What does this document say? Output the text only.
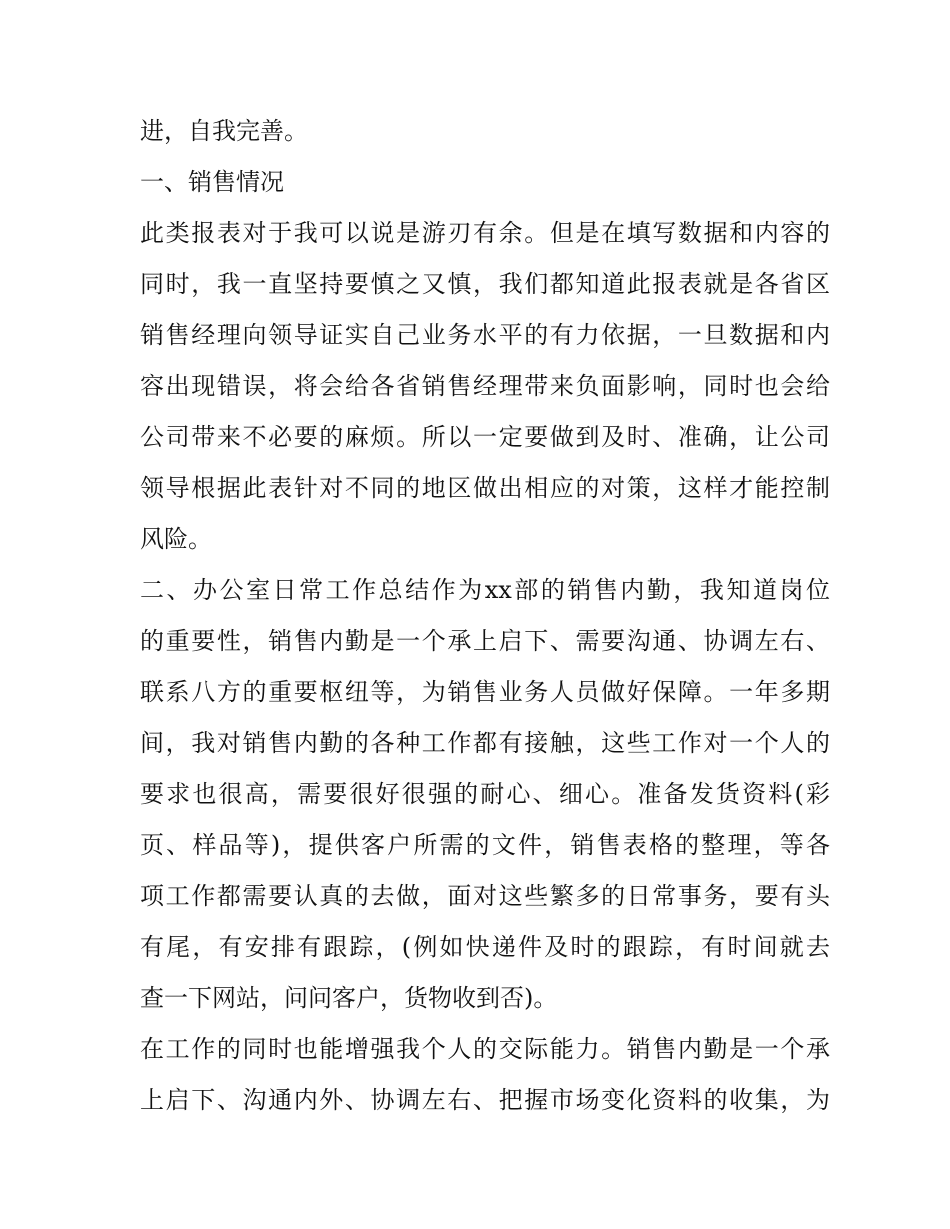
进，自我完善。
一、销售情况
此类报表对于我可以说是游刃有余。但是在填写数据和内容的
同时，我一直坚持要慎之又慎，我们都知道此报表就是各省区
销售经理向领导证实自己业务水平的有力依据，一旦数据和内
容出现错误，将会给各省销售经理带来负面影响，同时也会给
公司带来不必要的麻烦。所以一定要做到及时、准确，让公司
领导根据此表针对不同的地区做出相应的对策，这样才能控制
风险。
二、办公室日常工作总结作为xx部的销售内勤，我知道岗位
的重要性，销售内勤是一个承上启下、需要沟通、协调左右、
联系八方的重要枢纽等，为销售业务人员做好保障。一年多期
间，我对销售内勤的各种工作都有接触，这些工作对一个人的
要求也很高，需要很好很强的耐心、细心。准备发货资料(彩
页、样品等)，提供客户所需的文件，销售表格的整理，等各
项工作都需要认真的去做，面对这些繁多的日常事务，要有头
有尾，有安排有跟踪，(例如快递件及时的跟踪，有时间就去
查一下网站，问问客户，货物收到否)。
在工作的同时也能增强我个人的交际能力。销售内勤是一个承
上启下、沟通内外、协调左右、把握市场变化资料的收集，为
